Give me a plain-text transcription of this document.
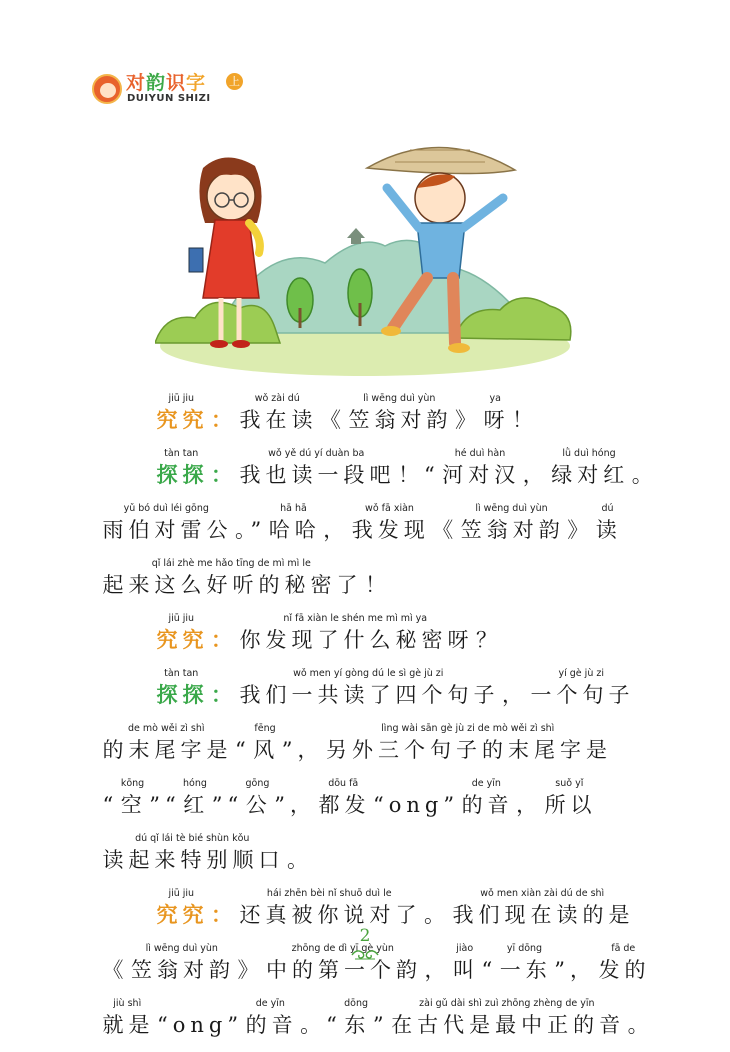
对韵识字 上
DUIYUN SHIZI
jiū jiu
究究 ：
wǒ zài dú
我在读 《
lì wēng duì yùn
笠翁对韵 》
ya
呀 ！
tàn tan
探探 ：
wǒ yě dú yí duàn ba
我也读一段吧 ！“
hé duì hàn
河对汉 ，
lǜ duì hóng
绿对红 。
yǔ bó duì léi gōng
雨伯对雷公 。”
hā hā
哈哈 ，
wǒ fā xiàn
我发现 《
lì wēng duì yùn
笠翁对韵 》
dú
读
qǐ lái zhè me hǎo tīng de mì mì le
起来这么好听的秘密了 ！
jiū jiu
究究 ：
nǐ fā xiàn le shén me mì mì ya
你发现了什么秘密呀 ？
tàn tan
探探 ：
wǒ men yí gòng dú le sì gè jù zi
我们一共读了四个句子 ，
yí gè jù zi
一个句子
de mò wěi zì shì
的末尾字是 “
fēng
风 ”，
lìng wài sān gè jù zi de mò wěi zì shì
另外三个句子的末尾字是
“
kōng
空 ”“
hóng
红 ”“
gōng
公 ”，
dōu fā
都发 “ong”
de yīn
的音 ，
suǒ yǐ
所以
dú qǐ lái tè bié shùn kǒu
读起来特别顺口 。
jiū jiu
究究 ：
hái zhēn bèi nǐ shuō duì le
还真被你说对了 。
wǒ men xiàn zài dú de shì
我们现在读的是
《
lì wēng duì yùn
笠翁对韵 》
zhōng de dì yī gè yùn
中的第一个韵 ，
jiào
叫 “
yī dōng
一东 ”，
fā de
发的
jiù shì
就是 “ong”
de yīn
的音 。“
dōng
东 ”
zài gǔ dài shì zuì zhōng zhèng de yīn
在古代是最中正的音 。
2
